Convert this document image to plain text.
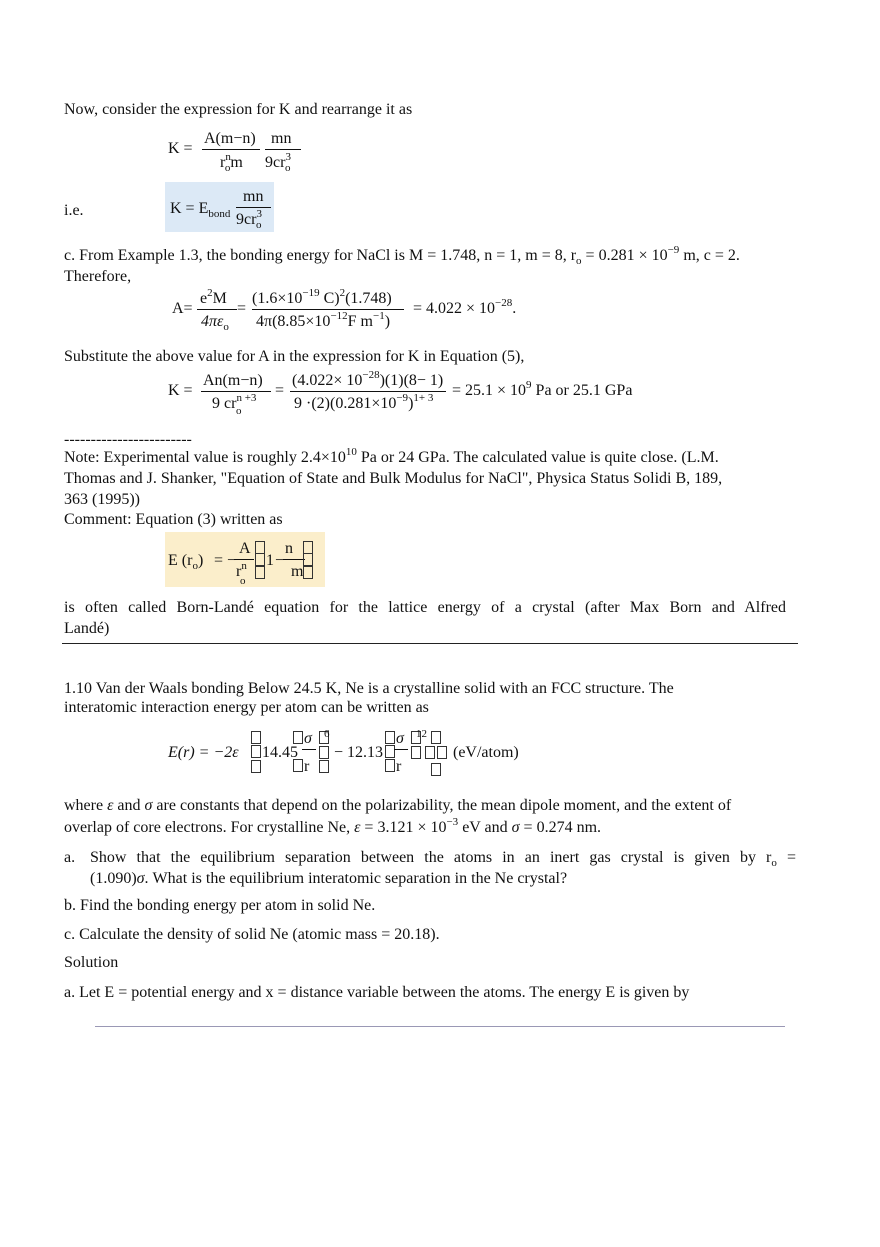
Now, consider the expression for K and rearrange it as
K =
A(m−n) mn
$r^n_om$ $9cr^3_o$
i.e.	$K = E_{bond}$
mn
$9cr^3_o$
c. From Example 1.3, the bonding energy for NaCl is M = 1.748, n = 1, m = 8, $r_o = 0.281 \times 10^{-9}$ m, c = 2.
Therefore,
A=
$e^2M$
$4\pi\varepsilon_o$
=
($1.6\times 10^{-19}$ C)$^2$(1.748)
$4\pi(8.85\times 10^{-12}F$ $m^{-1}$)
= $4.022 \times 10^{-28}$.
Substitute the above value for A in the expression for K in Equation (5),
K =
An(m−n)
9 $cr^{n +3}$
o
=
$(4.022\times 10^{-28})(1)(8- 1)$
$9 \cdot(2)(0.281\times 10^{-9})^{1+ 3} = 25.1 \times 10^9$ Pa or 25.1 GPa
------------------------
Note: Experimental value is roughly $2.4\times 10^{10}$ Pa or 24 GPa. The calculated value is quite close. (L.M.
Thomas and J. Shanker, "Equation of State and Bulk Modulus for NaCl", Physica Status Solidi B, 189,
363 (1995))
Comment: Equation (3) written as
E $(r_o)$ = −
A
$r^n$
o
1 −
n
m
is often called Born-Landé equation for the lattice energy of a crystal (after Max Born and Alfred
Landé)
1.10 Van der Waals bonding Below 24.5 K, Ne is a crystalline solid with an FCC structure. The
interatomic interaction energy per atom can be written as
E(r) = −2ε	14.45
σ
r
6
− 12.13
σ
r
12
(eV/atom)
where ε and σ are constants that depend on the polarizability, the mean dipole moment, and the extent of
overlap of core electrons. For crystalline Ne, $\varepsilon = 3.121 \times 10^{-3}$ eV and σ = 0.274 nm.
a. Show that the equilibrium separation between the atoms in an inert gas crystal is given by $r_o$ =
(1.090)σ. What is the equilibrium interatomic separation in the Ne crystal?
b. Find the bonding energy per atom in solid Ne.
c. Calculate the density of solid Ne (atomic mass = 20.18).
Solution
a. Let E = potential energy and x = distance variable between the atoms. The energy E is given by
